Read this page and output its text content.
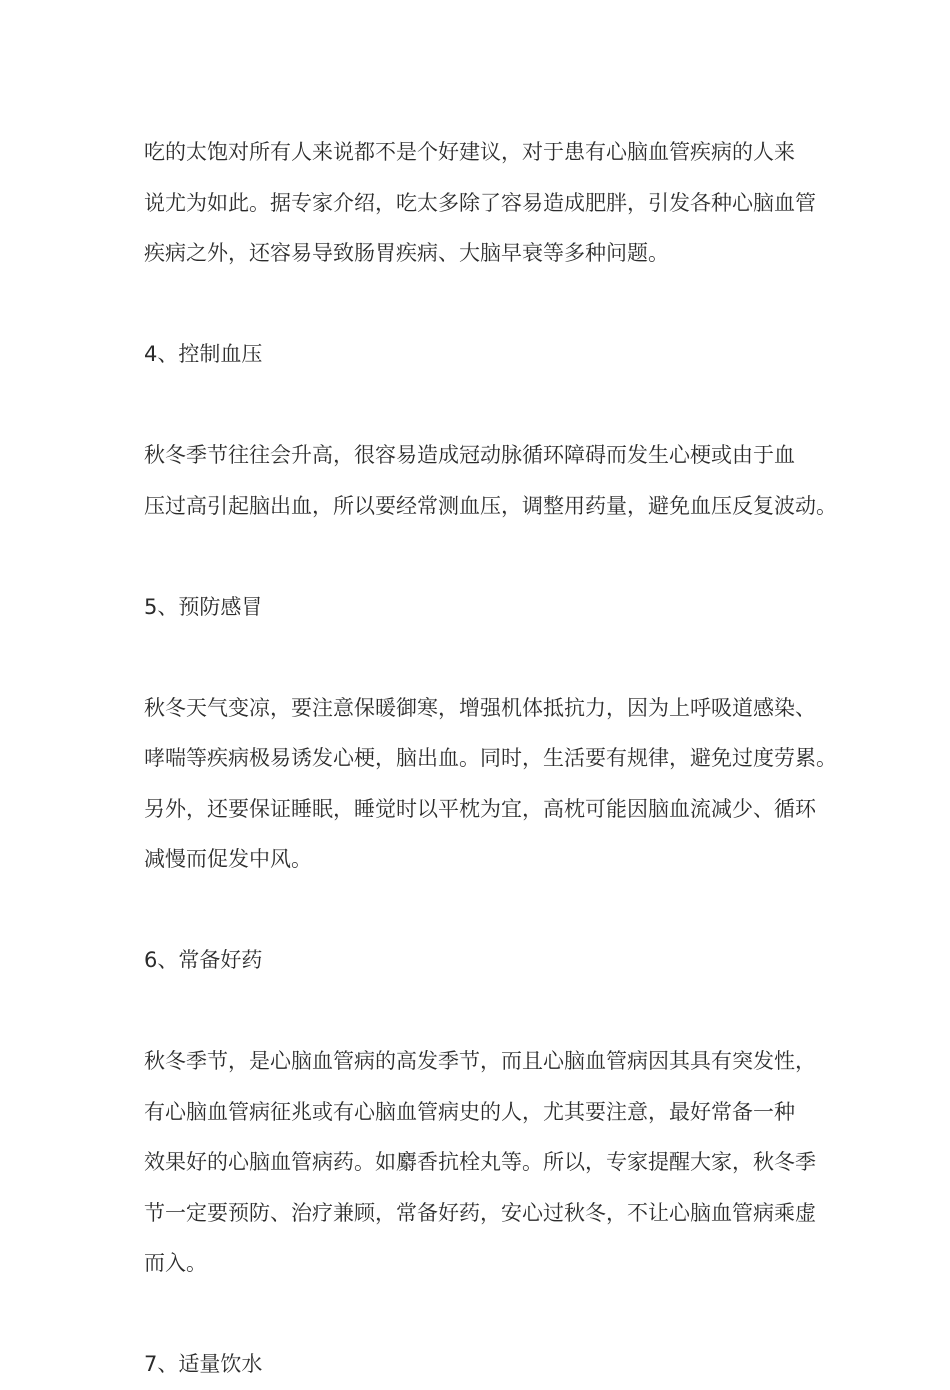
吃的太饱对所有人来说都不是个好建议，对于患有心脑血管疾病的人来
说尤为如此。据专家介绍，吃太多除了容易造成肥胖，引发各种心脑血管
疾病之外，还容易导致肠胃疾病、大脑早衰等多种问题。

4、控制血压

秋冬季节往往会升高，很容易造成冠动脉循环障碍而发生心梗或由于血
压过高引起脑出血，所以要经常测血压，调整用药量，避免血压反复波动。

5、预防感冒

秋冬天气变凉，要注意保暖御寒，增强机体抵抗力，因为上呼吸道感染、
哮喘等疾病极易诱发心梗，脑出血。同时，生活要有规律，避免过度劳累。
另外，还要保证睡眠，睡觉时以平枕为宜，高枕可能因脑血流减少、循环
减慢而促发中风。

6、常备好药

秋冬季节，是心脑血管病的高发季节，而且心脑血管病因其具有突发性，
有心脑血管病征兆或有心脑血管病史的人，尤其要注意，最好常备一种
效果好的心脑血管病药。如麝香抗栓丸等。所以，专家提醒大家，秋冬季
节一定要预防、治疗兼顾，常备好药，安心过秋冬，不让心脑血管病乘虚
而入。

7、适量饮水
